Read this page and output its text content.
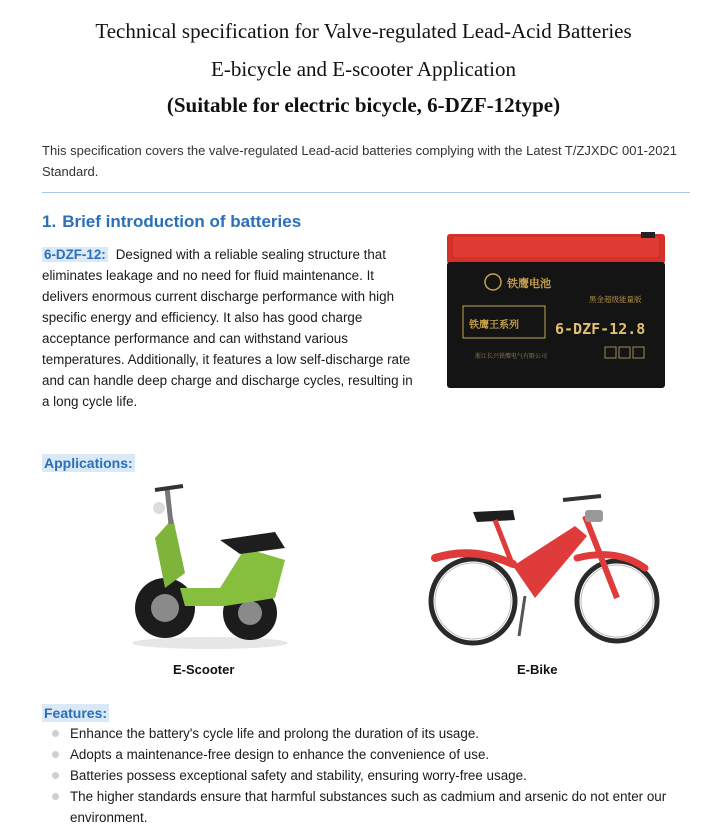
Technical specification for Valve-regulated Lead-Acid Batteries
E-bicycle and E-scooter Application
(Suitable for electric bicycle, 6-DZF-12type)
This specification covers the valve-regulated Lead-acid batteries complying with the Latest T/ZJXDC 001-2021 Standard.
1. Brief introduction of batteries
6-DZF-12: Designed with a reliable sealing structure that eliminates leakage and no need for fluid maintenance. It delivers enormous current discharge performance with high specific energy and efficiency. It also has good charge acceptance performance and can withstand various temperatures. Additionally, it features a low self-discharge rate and can handle deep charge and discharge cycles, resulting in a long cycle life.
铁鹰电池
黑金超级能量版
铁鹰王系列 6-DZF-12.8
浙江长兴铁鹰电气有限公司
Applications:
E-Scooter	E-Bike
Features:
Enhance the battery's cycle life and prolong the duration of its usage.
Adopts a maintenance-free design to enhance the convenience of use.
Batteries possess exceptional safety and stability, ensuring worry-free usage.
The higher standards ensure that harmful substances such as cadmium and arsenic do not enter our environment.
